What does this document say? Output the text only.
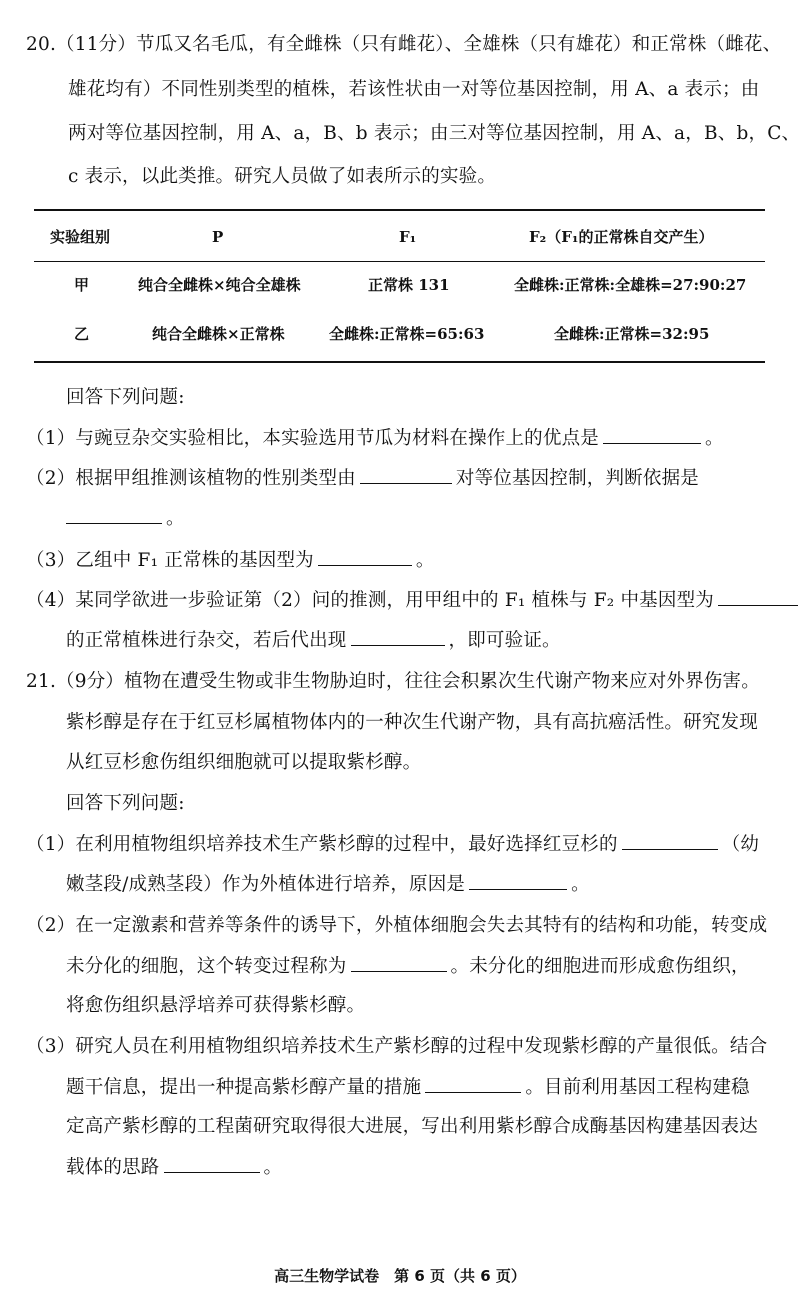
20.（11分）节瓜又名毛瓜，有全雌株（只有雌花）、全雄株（只有雄花）和正常株（雌花、
雄花均有）不同性别类型的植株，若该性状由一对等位基因控制，用 A、a 表示；由
两对等位基因控制，用 A、a，B、b 表示；由三对等位基因控制，用 A、a，B、b，C、
c 表示，以此类推。研究人员做了如表所示的实验。
实验组别	P	F₁	F₂（F₁的正常株自交产生）
甲	纯合全雌株×纯合全雄株	正常株 131	全雌株:正常株:全雄株=27:90:27
乙	纯合全雌株×正常株	全雌株:正常株=65:63	全雌株:正常株=32:95
回答下列问题:
（1）与豌豆杂交实验相比，本实验选用节瓜为材料在操作上的优点是	。
（2）根据甲组推测该植物的性别类型由	对等位基因控制，判断依据是
。
（3）乙组中 F₁ 正常株的基因型为	。
（4）某同学欲进一步验证第（2）问的推测，用甲组中的 F₁ 植株与 F₂ 中基因型为
的正常植株进行杂交，若后代出现	，即可验证。
21.（9分）植物在遭受生物或非生物胁迫时，往往会积累次生代谢产物来应对外界伤害。
紫杉醇是存在于红豆杉属植物体内的一种次生代谢产物，具有高抗癌活性。研究发现
从红豆杉愈伤组织细胞就可以提取紫杉醇。
回答下列问题:
（1）在利用植物组织培养技术生产紫杉醇的过程中，最好选择红豆杉的	（幼
嫩茎段/成熟茎段）作为外植体进行培养，原因是	。
（2）在一定激素和营养等条件的诱导下，外植体细胞会失去其特有的结构和功能，转变成
未分化的细胞，这个转变过程称为	。未分化的细胞进而形成愈伤组织，
将愈伤组织悬浮培养可获得紫杉醇。
（3）研究人员在利用植物组织培养技术生产紫杉醇的过程中发现紫杉醇的产量很低。结合
题干信息，提出一种提高紫杉醇产量的措施	。目前利用基因工程构建稳
定高产紫杉醇的工程菌研究取得很大进展，写出利用紫杉醇合成酶基因构建基因表达
载体的思路	。
高三生物学试卷　第 6 页（共 6 页）
